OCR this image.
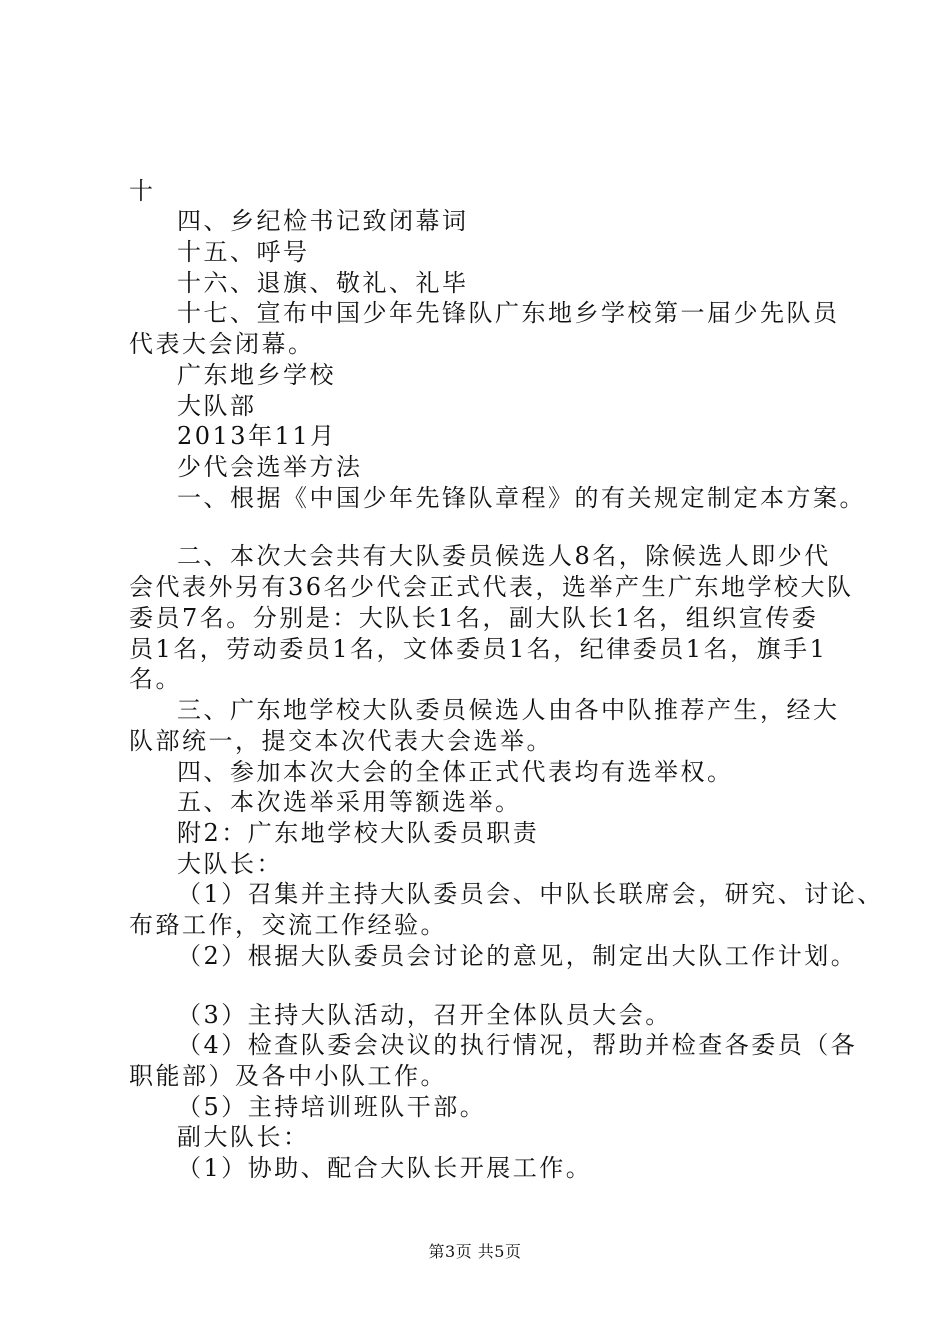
十
四、乡纪检书记致闭幕词
十五、呼号
十六、退旗、敬礼、礼毕
十七、宣布中国少年先锋队广东地乡学校第一届少先队员
代表大会闭幕。
广东地乡学校
大队部
2013年11月
少代会选举方法
一、根据《中国少年先锋队章程》的有关规定制定本方案。
二、本次大会共有大队委员候选人8名，除候选人即少代
会代表外另有36名少代会正式代表，选举产生广东地学校大队
委员7名。分别是：大队长1名，副大队长1名，组织宣传委
员1名，劳动委员1名，文体委员1名，纪律委员1名，旗手1
名。
三、广东地学校大队委员候选人由各中队推荐产生，经大
队部统一，提交本次代表大会选举。
四、参加本次大会的全体正式代表均有选举权。
五、本次选举采用等额选举。
附2：广东地学校大队委员职责
大队长：
（1）召集并主持大队委员会、中队长联席会，研究、讨论、
布臵工作，交流工作经验。
（2）根据大队委员会讨论的意见，制定出大队工作计划。
（3）主持大队活动，召开全体队员大会。
（4）检查队委会决议的执行情况，帮助并检查各委员（各
职能部）及各中小队工作。
（5）主持培训班队干部。
副大队长：
（1）协助、配合大队长开展工作。
第3页 共5页
